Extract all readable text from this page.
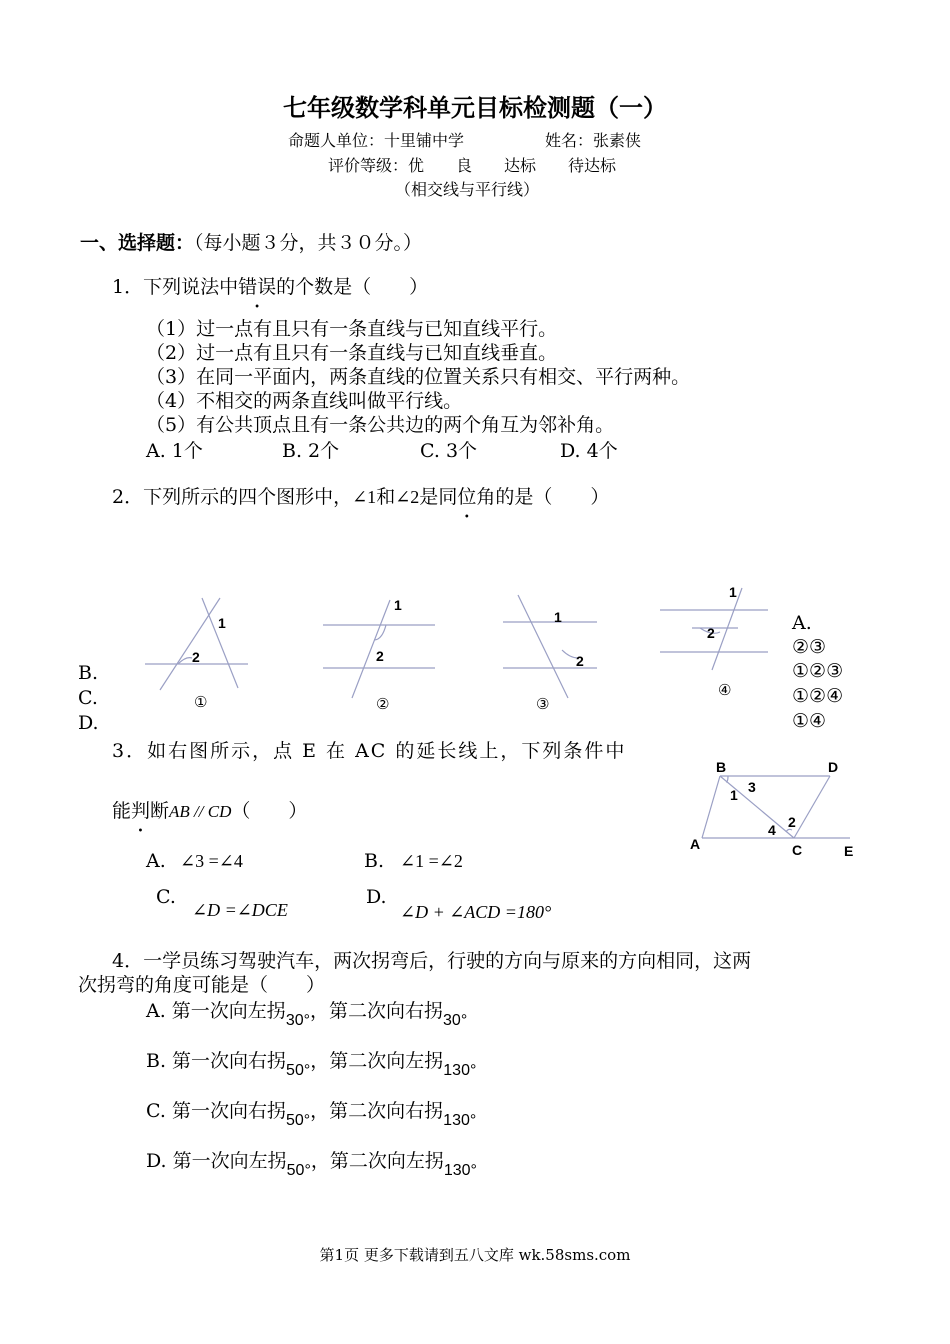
七年级数学科单元目标检测题（一）
命题人单位：十里铺中学	姓名：张素侠
评价等级：优　　良　　达标　　待达标
（相交线与平行线）
一、选择题：（每小题３分，共３０分。）
1．下列说法中错误的个数是（　　）
（1）过一点有且只有一条直线与已知直线平行。
（2）过一点有且只有一条直线与已知直线垂直。
（3）在同一平面内，两条直线的位置关系只有相交、平行两种。
（4）不相交的两条直线叫做平行线。
（5）有公共顶点且有一条公共边的两个角互为邻补角。
A. 1个	B. 2个	C. 3个	D. 4个
2．下列所示的四个图形中，∠1和∠2是同位角的是（　　）
1
2
1
2
1
2
1
2
①	②	③
④
B.
C.
D.
A.
②③
①②③
①②④
①④
3．如右图所示，点 E 在 AC 的延长线上，下列条件中
能判断AB // CD（　　）
B	D
A	C	E
1 3
2
4
A. ∠3 =∠4	B. ∠1 =∠2
C.
∠D =∠DCE
D.
∠D + ∠ACD =180°
4．一学员练习驾驶汽车，两次拐弯后，行驶的方向与原来的方向相同，这两
次拐弯的角度可能是（　　）
A. 第一次向左拐$_{30^\circ}$，第二次向右拐$_{30^\circ}$
B. 第一次向右拐$_{50^\circ}$，第二次向左拐$_{130^\circ}$
C. 第一次向右拐$_{50^\circ}$，第二次向右拐$_{130^\circ}$
D. 第一次向左拐$_{50^\circ}$，第二次向左拐$_{130^\circ}$
第1页 更多下载请到五八文库 wk.58sms.com
